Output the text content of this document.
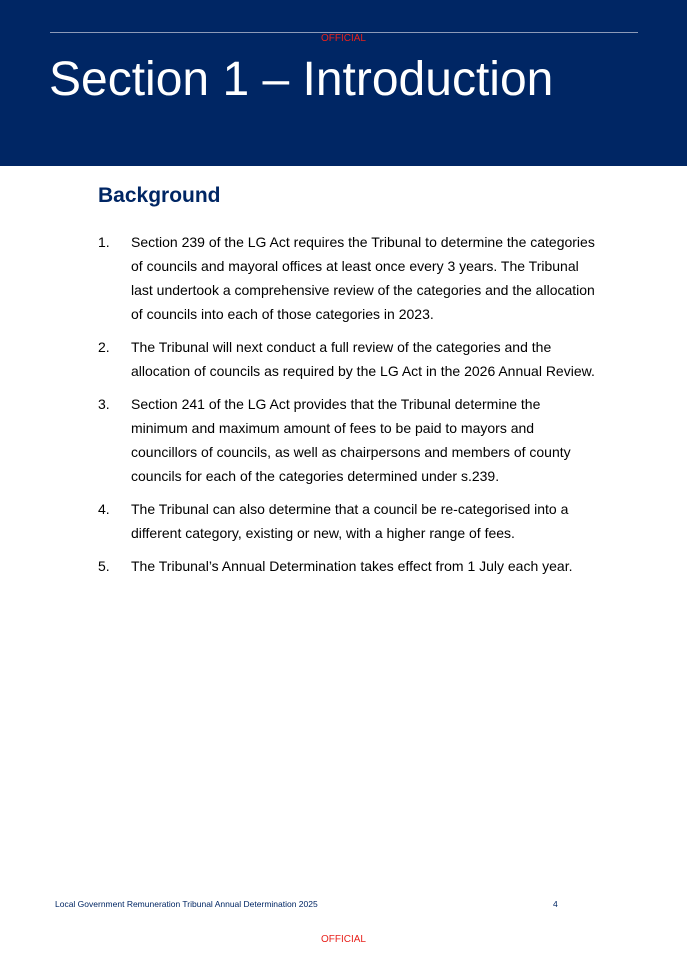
OFFICIAL
Section 1 – Introduction
Background
1. Section 239 of the LG Act requires the Tribunal to determine the categories of councils and mayoral offices at least once every 3 years. The Tribunal last undertook a comprehensive review of the categories and the allocation of councils into each of those categories in 2023.
2. The Tribunal will next conduct a full review of the categories and the allocation of councils as required by the LG Act in the 2026 Annual Review.
3. Section 241 of the LG Act provides that the Tribunal determine the minimum and maximum amount of fees to be paid to mayors and councillors of councils, as well as chairpersons and members of county councils for each of the categories determined under s.239.
4. The Tribunal can also determine that a council be re-categorised into a different category, existing or new, with a higher range of fees.
5. The Tribunal’s Annual Determination takes effect from 1 July each year.
Local Government Remuneration Tribunal Annual Determination 2025	4
OFFICIAL
